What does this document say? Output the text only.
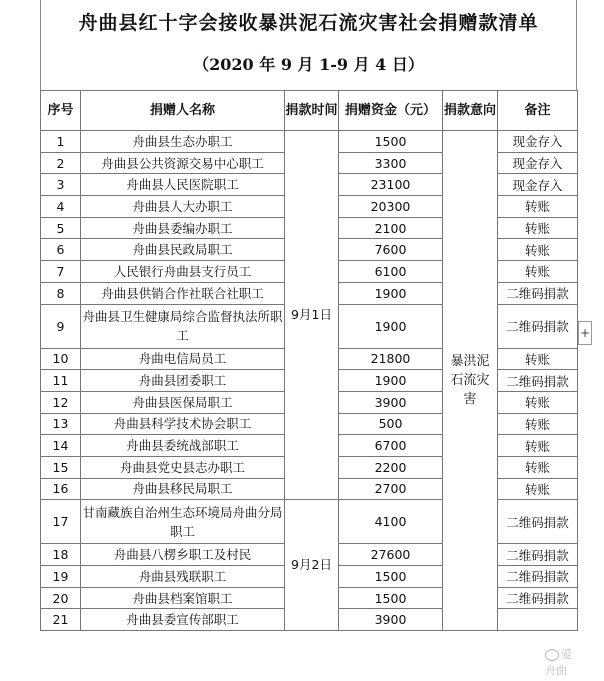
舟曲县红十字会接收暴洪泥石流灾害社会捐赠款清单
（2020 年 9 月 1-9 月 4 日）
序号	捐赠人名称	捐款时间	捐赠资金（元）	捐款意向	备注
1	舟曲县生态办职工	9月1日	1500	暴洪泥石流灾害	现金存入
2	舟曲县公共资源交易中心职工		3300		现金存入
3	舟曲县人民医院职工		23100		现金存入
4	舟曲县人大办职工		20300		转账
5	舟曲县委编办职工		2100		转账
6	舟曲县民政局职工		7600		转账
7	人民银行舟曲县支行员工		6100		转账
8	舟曲县供销合作社联合社职工		1900		二维码捐款
9	舟曲县卫生健康局综合监督执法所职工		1900		二维码捐款
10	舟曲电信局员工		21800		转账
11	舟曲县团委职工		1900		二维码捐款
12	舟曲县医保局职工		3900		转账
13	舟曲县科学技术协会职工		500		转账
14	舟曲县委统战部职工		6700		转账
15	舟曲县党史县志办职工		2200		转账
16	舟曲县移民局职工		2700		转账
17	甘南藏族自治州生态环境局舟曲分局职工	9月2日	4100		二维码捐款
18	舟曲县八楞乡职工及村民		27600		二维码捐款
19	舟曲县残联职工		1500		二维码捐款
20	舟曲县档案馆职工		1500		二维码捐款
21	舟曲县委宣传部职工		3900		
爱舟曲
+
